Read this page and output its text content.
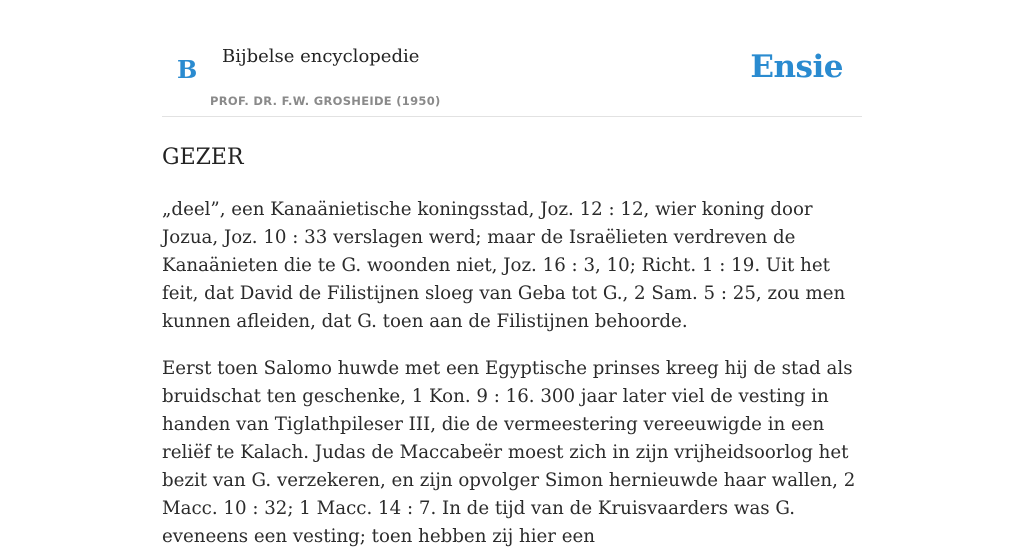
B Bijbelse encyclopedie
PROF. DR. F.W. GROSHEIDE (1950)
Ensie
GEZER

„deel”, een Kanaänietische koningsstad, Joz. 12 : 12, wier koning door Jozua, Joz. 10 : 33 verslagen werd; maar de Israëlieten verdreven de Kanaänieten die te G. woonden niet, Joz. 16 : 3, 10; Richt. 1 : 19. Uit het feit, dat David de Filistijnen sloeg van Geba tot G., 2 Sam. 5 : 25, zou men kunnen afleiden, dat G. toen aan de Filistijnen behoorde.

Eerst toen Salomo huwde met een Egyptische prinses kreeg hij de stad als bruidschat ten geschenke, 1 Kon. 9 : 16. 300 jaar later viel de vesting in handen van Tiglathpileser III, die de vermeestering vereeuwigde in een reliëf te Kalach. Judas de Maccabeër moest zich in zijn vrijheidsoorlog het bezit van G. verzekeren, en zijn opvolger Simon hernieuwde haar wallen, 2 Macc. 10 : 32; 1 Macc. 14 : 7. In de tijd van de Kruisvaarders was G. eveneens een vesting; toen hebben zij hier een
